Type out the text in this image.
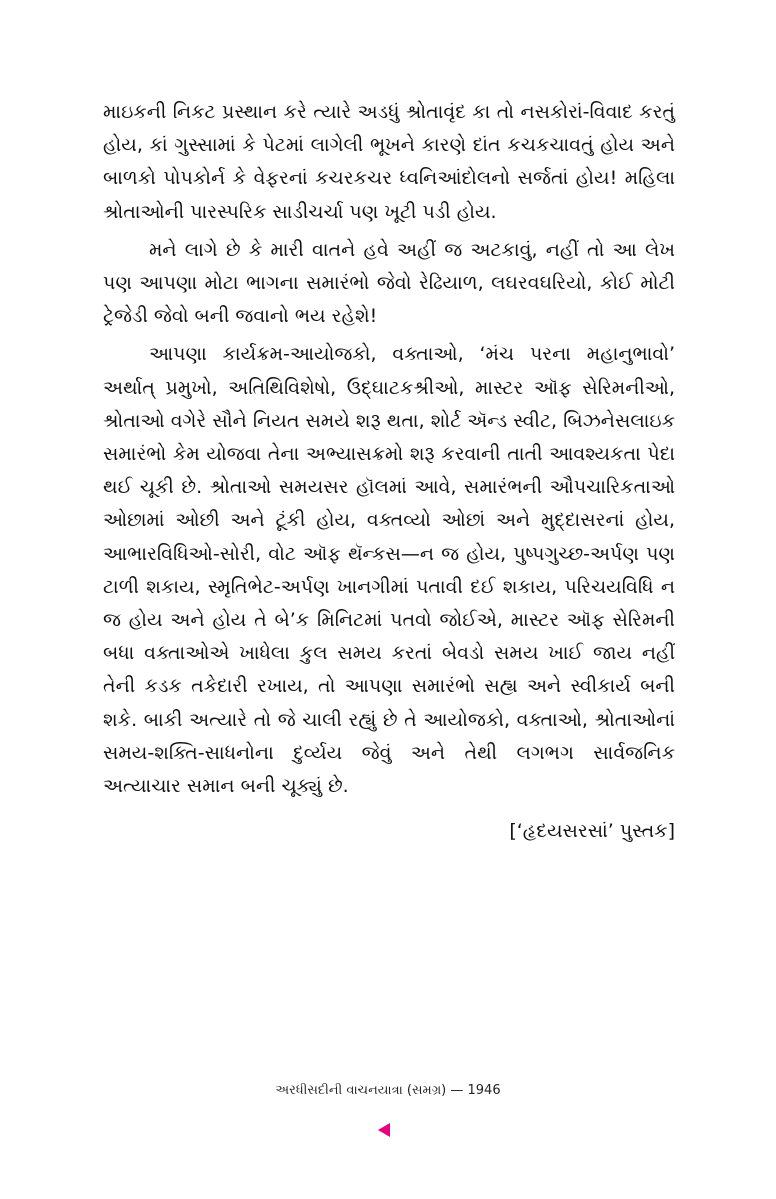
માઇકની નિકટ પ્રસ્થાન કરે ત્યારે અડધું શ્રોતાવૃંદ કા તો નસકોરાં-વિવાદ કરતું હોય, કાં ગુસ્સામાં કે પેટમાં લાગેલી ભૂખને કારણે દાંત કચકચાવતું હોય અને બાળકો પોપકોર્ન કે વેફરનાં કચરકચર ધ્વનિઆંદોલનો સર્જતાં હોય! મહિલા શ્રોતાઓની પારસ્પરિક સાડીચર્ચા પણ ખૂટી પડી હોય.

મને લાગે છે કે મારી વાતને હવે અહીં જ અટકાવું, નહીં તો આ લેખ પણ આપણા મોટા ભાગના સમારંભો જેવો રેઢિયાળ, લઘરવઘરિયો, કોઈ મોટી ટ્રેજેડી જેવો બની જવાનો ભય રહેશે!

આપણા કાર્યક્રમ-આયોજકો, વક્તાઓ, ‘મંચ પરના મહાનુભાવો’ અર્થાત્ પ્રમુખો, અતિથિવિશેષો, ઉદ્ઘાટકશ્રીઓ, માસ્ટર ઑફ સેરિમનીઓ, શ્રોતાઓ વગેરે સૌને નિયત સમયે શરૂ થતા, શોર્ટ ઍન્ડ સ્વીટ, બિઝનેસલાઇક સમારંભો કેમ યોજવા તેના અભ્યાસક્રમો શરૂ કરવાની તાતી આવશ્યકતા પેદા થઈ ચૂકી છે. શ્રોતાઓ સમયસર હૉલમાં આવે, સમારંભની ઔપચારિકતાઓ ઓછામાં ઓછી અને ટૂંકી હોય, વક્તવ્યો ઓછાં અને મુદ્દાસરનાં હોય, આભારવિધિઓ-સોરી, વોટ ઑફ થૅન્કસ—ન જ હોય, પુષ્પગુચ્છ-અર્પણ પણ ટાળી શકાય, સ્મૃતિભેટ-અર્પણ ખાનગીમાં પતાવી દઈ શકાય, પરિચયવિધિ ન જ હોય અને હોય તે બે’ક મિનિટમાં પતવો જોઈએ, માસ્ટર ઑફ સેરિમની બધા વક્તાઓએ ખાધેલા કુલ સમય કરતાં બેવડો સમય ખાઈ જાય નહીં તેની કડક તકેદારી રખાય, તો આપણા સમારંભો સહ્ય અને સ્વીકાર્ય બની શકે. બાકી અત્યારે તો જે ચાલી રહ્યું છે તે આયોજકો, વક્તાઓ, શ્રોતાઓનાં સમય-શક્તિ-સાધનોના દુર્વ્યય જેવું અને તેથી લગભગ સાર્વજનિક અત્યાચાર સમાન બની ચૂક્યું છે.

[‘હૃદયસરસાં’ પુસ્તક]
અરધીસદીની વાચનયાત્રા (સમગ્ર) — 1946
